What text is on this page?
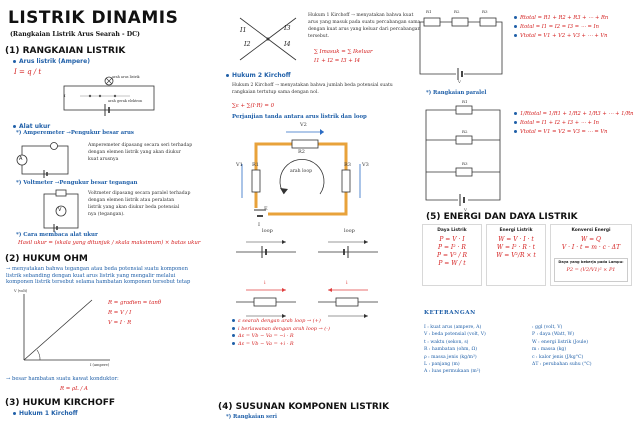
LISTRIK DINAMIS
(Rangkaian Listrik Arus Searah - DC)
(1) RANGKAIAN LISTRIK
Arus listrik (Ampere)
I = q / t
arah arus listrik
arah gerak elektron
I
Alat ukur
*) Amperemeter →Pengukur besar arus
A
Amperemeter dipasang secara seri terhadap
dengan elemen listrik yang akan diukur
kuat arusnya
*) Voltmeter →Pengukur besar tegangan
V
Voltmeter dipasang secara paralel terhadap
dengan elemen listrik atau peralatan
listrik yang akan diukur beda potensial
nya (tegangan).
*) Cara membaca alat ukur
Hasil ukur = (skala yang ditunjuk / skala maksimum) × batas ukur
(2) HUKUM OHM
→ menyatakan bahwa tegangan atau beda potensial suatu komponen
listrik sebanding dengan kuat arus listrik yang mengalir melalui
komponen listrik tersebut selama hambatan komponen tersebut tetap
V (volt)
I (ampere)
R = gradien = tanθ
R = V / I
V = I · R
→ besar hambatan suatu kawat konduktor:
R = ρL / A
(3) HUKUM KIRCHOFF
Hukum 1 Kirchoff
I1
I2
I3
I4
Hukum 1 Kirchoff → menyatakan bahwa kuat
arus yang masuk pada suatu percabangan sama
dengan kuat arus yang keluar dari percabangan
tersebut.
∑ Imasuk = ∑ Ikeluar
I1 + I2 = I3 + I4
Hukum 2 Kirchoff
Hukum 2 Kirchoff → menyatakan bahwa jumlah beda potensial suatu
rangkaian tertutup sama dengan nol.
∑ε + ∑(I·R) = 0
Perjanjian tanda antara arus listrik dan loop
V2
R2
V1 R1	V3
R3
arah loop
E
I
loop	loop
i	i
ε searah dengan arah loop → (+)
i berlawanan dengan arah loop → (-)
Δε = Vb − Va = −i · R
Δε = Vb − Va = +i · R
(4) SUSUNAN KOMPONEN LISTRIK
*) Rangkaian seri
R1	R2	R3
V
Rtotal = R1 + R2 + R3 + ⋯ + Rn
Itotal = I1 = I2 = I3 = ⋯ = In
Vtotal = V1 + V2 + V3 + ⋯ + Vn
*) Rangkaian paralel
R1
R2
R3
V
1/Rtotal = 1/R1 + 1/R2 + 1/R3 + ⋯ + 1/Rn
Itotal = I1 + I2 + I3 + ⋯ + In
Vtotal = V1 = V2 = V3 = ⋯ = Vn
(5) ENERGI DAN DAYA LISTRIK
Daya Listrik
P = V · I
P = I² · R
P = V² / R
P = W / t
Energi Listrik
W = V · I · t
W = I² · R · t
W = V²/R × t
Konversi Energi
W = Q
V · I · t = m · c · ΔT
Daya yang bekerja pada Lampu:
P2 = (V2/V1)² × P1
KETERANGAN
I : kuat arus (ampere, A)
V : beda potensial (volt, V)
t : waktu (sekon, s)
R : hambatan (ohm, Ω)
ρ : massa jenis (kg/m³)
L : panjang (m)
A : luas permukaan (m²)
: ggl (volt, V)
P : daya (Watt, W)
W : energi listrik (Joule)
m : massa (kg)
c : kalor jenis (J/kg°C)
ΔT : perubahan suhu (°C)
